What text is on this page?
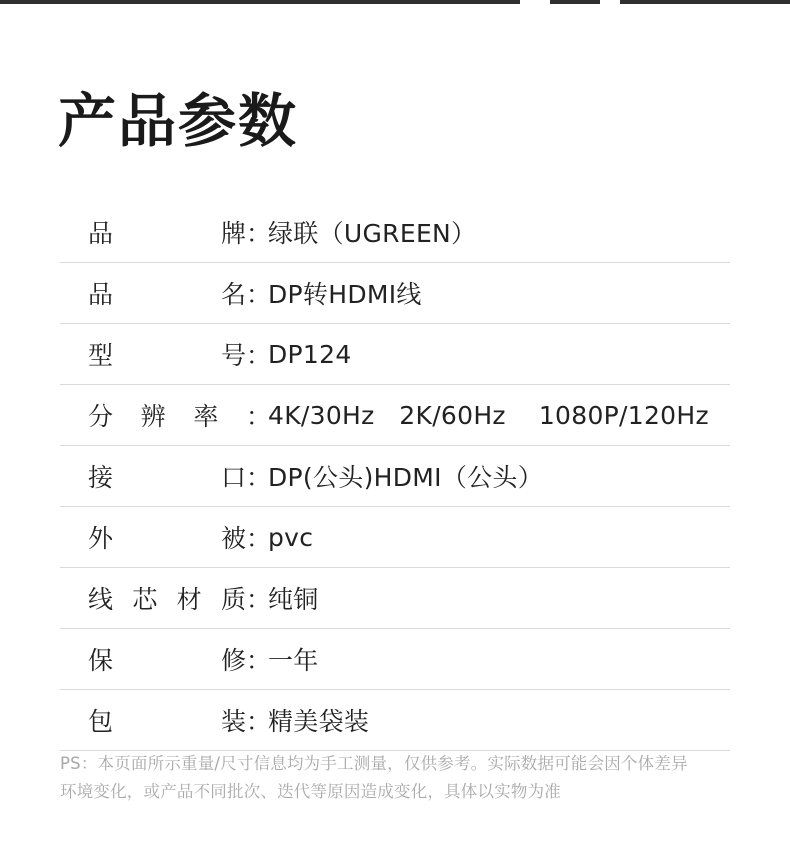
产品参数
品	牌 ：
绿联（UGREEN）
品	名 ：
DP转HDMI线
型	号 ：
DP124
分 辨 率 ：
4K/30Hz   2K/60Hz    1080P/120Hz
接	口 ：
DP(公头)HDMI（公头）
外	被 ：
pvc
线 芯 材 质 ：
纯铜
保	修 ：
一年
包	装 ：
精美袋装

PS：本页面所示重量/尺寸信息均为手工测量，仅供参考。实际数据可能会因个体差异

环境变化，或产品不同批次、迭代等原因造成变化，具体以实物为准
